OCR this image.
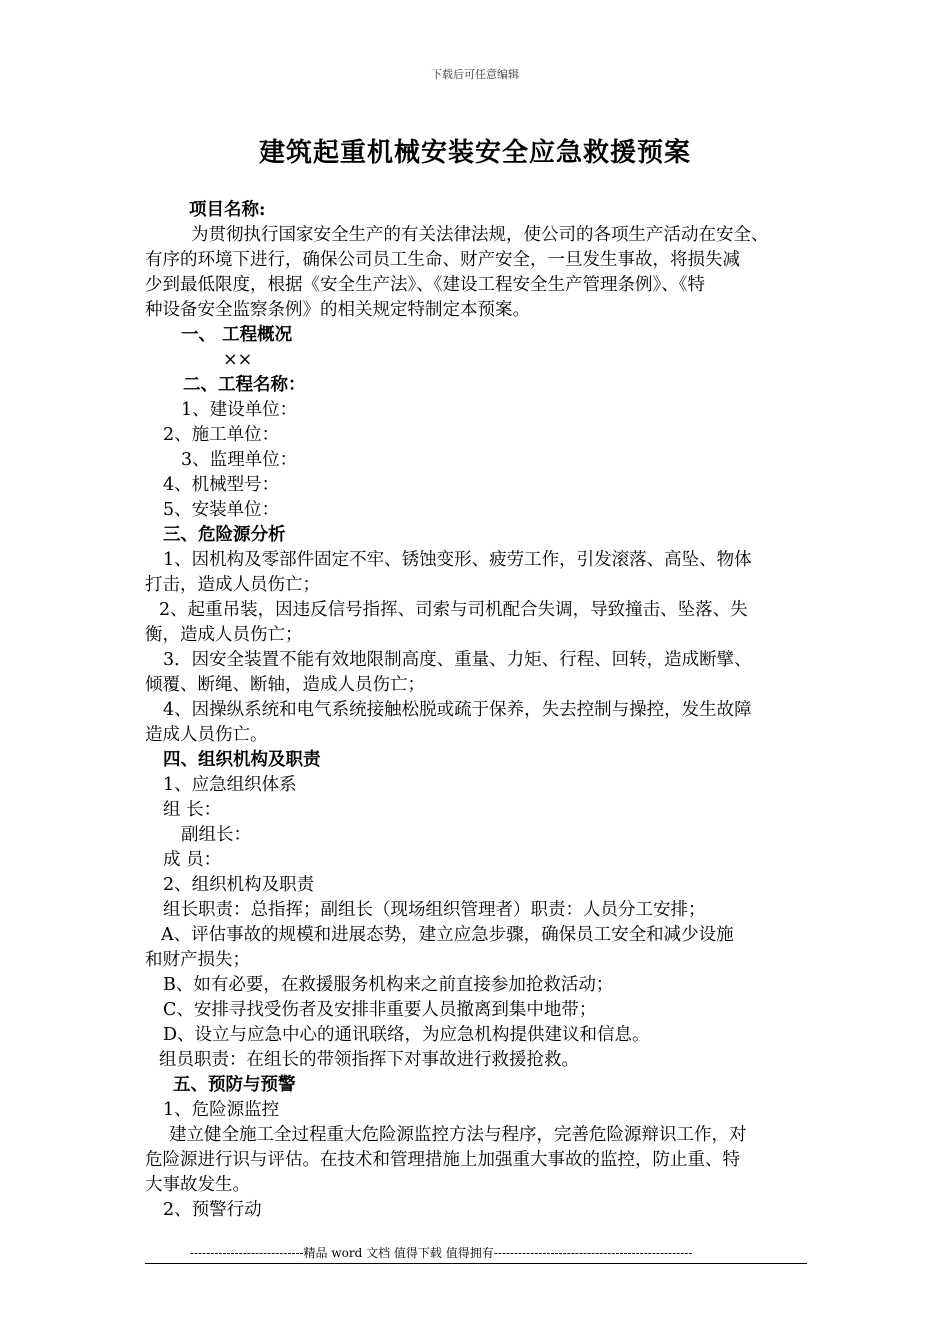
下载后可任意编辑
建筑起重机械安装安全应急救援预案
项目名称:
为贯彻执行国家安全生产的有关法律法规，使公司的各项生产活动在安全、
有序的环境下进行，确保公司员工生命、财产安全，一旦发生事故，将损失减
少到最低限度，根据《安全生产法》、《建设工程安全生产管理条例》、《特
种设备安全监察条例》的相关规定特制定本预案。
一、 工程概况
××
二、工程名称：
1、建设单位：
2、施工单位：
3、监理单位：
4、机械型号：
5、安装单位：
三、危险源分析
1、因机构及零部件固定不牢、锈蚀变形、疲劳工作，引发滚落、高坠、物体
打击，造成人员伤亡；
2、起重吊装，因违反信号指挥、司索与司机配合失调，导致撞击、坠落、失
衡，造成人员伤亡；
3．因安全装置不能有效地限制高度、重量、力矩、行程、回转，造成断擘、
倾覆、断绳、断轴，造成人员伤亡；
4、因操纵系统和电气系统接触松脱或疏于保养，失去控制与操控，发生故障
造成人员伤亡。
四、组织机构及职责
1、应急组织体系
组 长：
副组长：
成 员：
2、组织机构及职责
组长职责：总指挥；副组长（现场组织管理者）职责：人员分工安排；
A、评估事故的规模和进展态势，建立应急步骤，确保员工安全和减少设施
和财产损失；
B、如有必要，在救援服务机构来之前直接参加抢救活动；
C、安排寻找受伤者及安排非重要人员撤离到集中地带；
D、设立与应急中心的通讯联络，为应急机构提供建议和信息。
组员职责：在组长的带领指挥下对事故进行救援抢救。
五、预防与预警
1、危险源监控
建立健全施工全过程重大危险源监控方法与程序，完善危险源辩识工作，对
危险源进行识与评估。在技术和管理措施上加强重大事故的监控，防止重、特
大事故发生。
2、预警行动
----------------------------精品 word 文档 值得下载 值得拥有-------------------------------------------------
